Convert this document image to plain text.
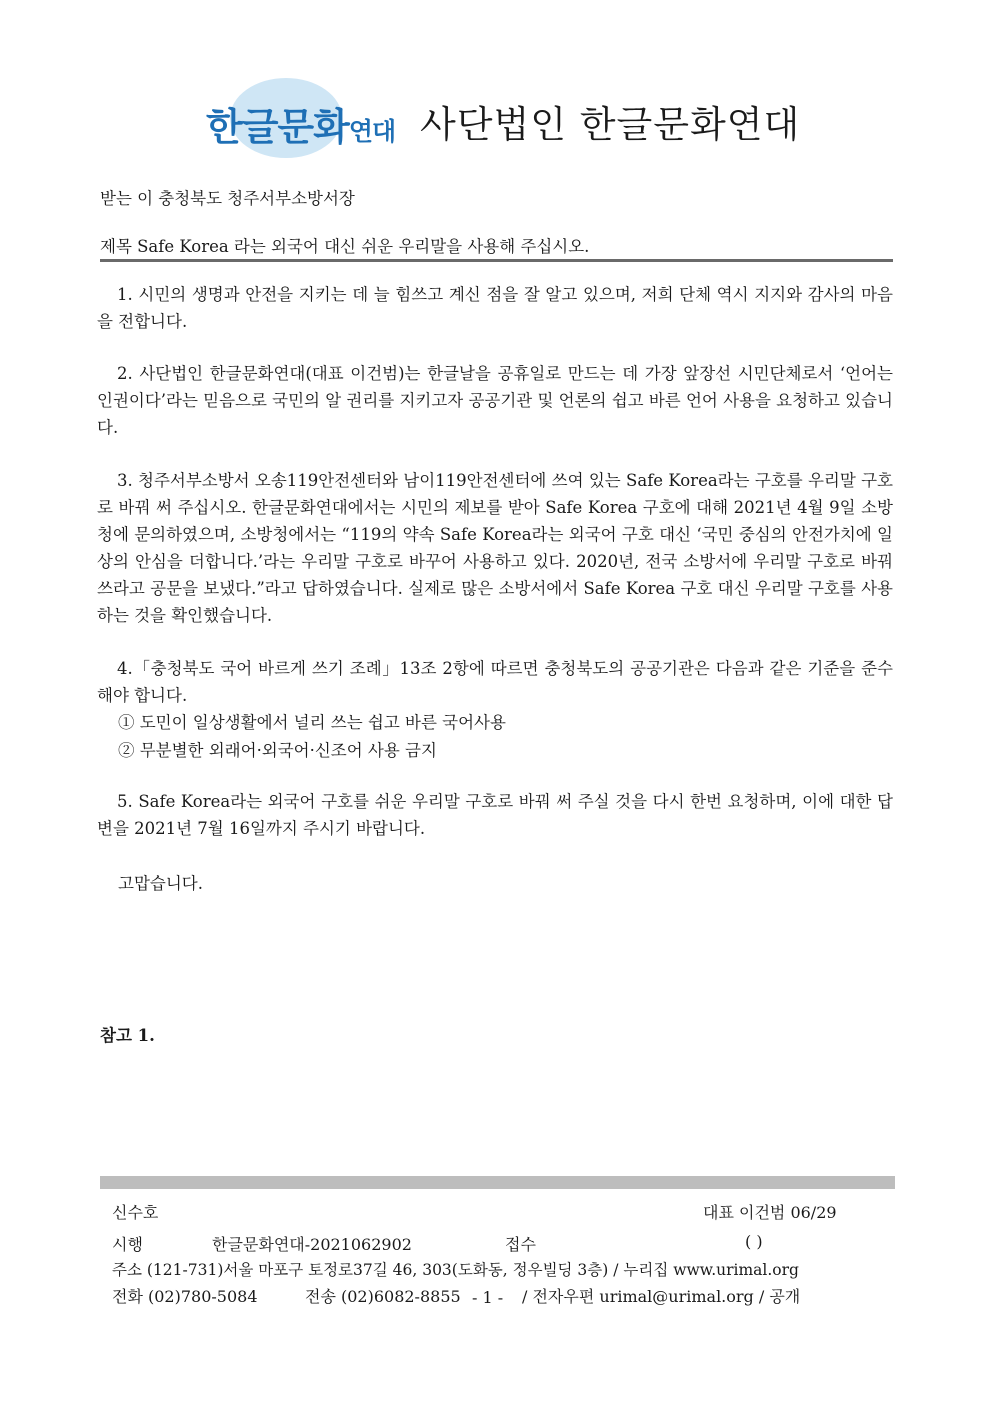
한글문화연대 사단법인 한글문화연대
받는 이 충청북도 청주서부소방서장
제목 Safe Korea 라는 외국어 대신 쉬운 우리말을 사용해 주십시오.
1. 시민의 생명과 안전을 지키는 데 늘 힘쓰고 계신 점을 잘 알고 있으며, 저희 단체 역시 지지와 감사의 마음을 전합니다.
2. 사단법인 한글문화연대(대표 이건범)는 한글날을 공휴일로 만드는 데 가장 앞장선 시민단체로서 ‘언어는 인권이다’라는 믿음으로 국민의 알 권리를 지키고자 공공기관 및 언론의 쉽고 바른 언어 사용을 요청하고 있습니다.
3. 청주서부소방서 오송119안전센터와 남이119안전센터에 쓰여 있는 Safe Korea라는 구호를 우리말 구호로 바꿔 써 주십시오. 한글문화연대에서는 시민의 제보를 받아 Safe Korea 구호에 대해 2021년 4월 9일 소방청에 문의하였으며, 소방청에서는 “119의 약속 Safe Korea라는 외국어 구호 대신 ‘국민 중심의 안전가치에 일상의 안심을 더합니다.’라는 우리말 구호로 바꾸어 사용하고 있다. 2020년, 전국 소방서에 우리말 구호로 바꿔쓰라고 공문을 보냈다.”라고 답하였습니다. 실제로 많은 소방서에서 Safe Korea 구호 대신 우리말 구호를 사용하는 것을 확인했습니다.
4.「충청북도 국어 바르게 쓰기 조례」13조 2항에 따르면 충청북도의 공공기관은 다음과 같은 기준을 준수해야 합니다.
① 도민이 일상생활에서 널리 쓰는 쉽고 바른 국어사용
② 무분별한 외래어·외국어·신조어 사용 금지
5. Safe Korea라는 외국어 구호를 쉬운 우리말 구호로 바꿔 써 주실 것을 다시 한번 요청하며, 이에 대한 답변을 2021년 7월 16일까지 주시기 바랍니다.
고맙습니다.
참고 1.
신수호	대표 이건범 06/29
시행	한글문화연대-2021062902	접수	( )
주소 (121-731)서울 마포구 토정로37길 46, 303(도화동, 정우빌딩 3층) / 누리집 www.urimal.org
전화 (02)780-5084	전송 (02)6082-8855 - 1 - / 전자우편 urimal@urimal.org / 공개
